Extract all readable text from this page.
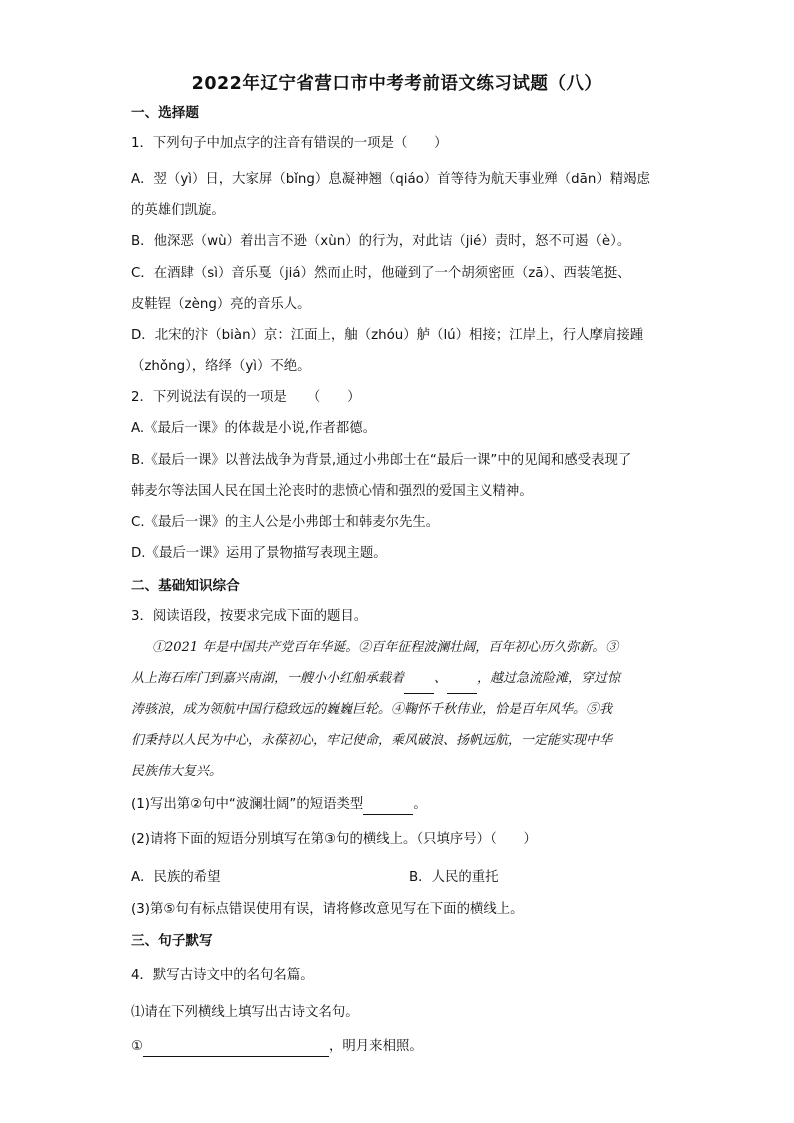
2022年辽宁省营口市中考考前语文练习试题（八）
一、选择题
1．下列句子中加点字的注音有错误的一项是（　　）
A．翌（yì）日，大家屏（bǐng）息凝神翘（qiáo）首等待为航天事业殚（dān）精竭虑
的英雄们凯旋。
B．他深恶（wù）着出言不逊（xùn）的行为，对此诘（jié）责时，怒不可遏（è）。
C．在酒肆（sì）音乐戛（jiá）然而止时，他碰到了一个胡须密匝（zā）、西装笔挺、
皮鞋锃（zèng）亮的音乐人。
D．北宋的汴（biàn）京：江面上，舳（zhóu）舻（lú）相接；江岸上，行人摩肩接踵
（zhǒng），络绎（yì）不绝。
2．下列说法有误的一项是　　（　　）
A.《最后一课》的体裁是小说,作者都德。
B.《最后一课》以普法战争为背景,通过小弗郎士在“最后一课”中的见闻和感受表现了
韩麦尔等法国人民在国土沦丧时的悲愤心情和强烈的爱国主义精神。
C.《最后一课》的主人公是小弗郎士和韩麦尔先生。
D.《最后一课》运用了景物描写表现主题。
二、基础知识综合
3．阅读语段，按要求完成下面的题目。
①2021 年是中国共产党百年华诞。②百年征程波澜壮阔，百年初心历久弥新。③
从上海石库门到嘉兴南湖，一艘小小红船承载着 、 ，越过急流险滩，穿过惊
涛骇浪，成为领航中国行稳致远的巍巍巨轮。④鞠怀千秋伟业，恰是百年风华。⑤我
们秉持以人民为中心，永葆初心，牢记使命，乘风破浪、扬帆远航，一定能实现中华
民族伟大复兴。
(1)写出第②句中“波澜壮阔”的短语类型	。
(2)请将下面的短语分别填写在第③句的横线上。（只填序号）（　　）
A．民族的希望	B．人民的重托
(3)第⑤句有标点错误使用有误，请将修改意见写在下面的横线上。
三、句子默写
4．默写古诗文中的名句名篇。
⑴请在下列横线上填写出古诗文名句。
①	，明月来相照。
